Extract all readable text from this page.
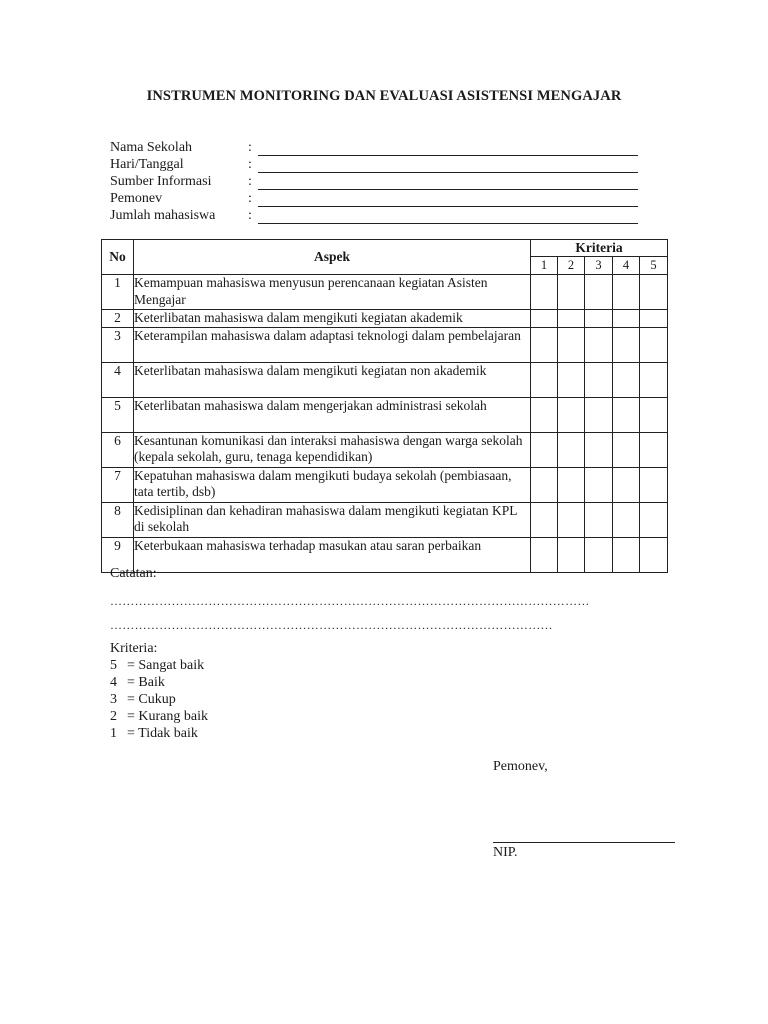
INSTRUMEN MONITORING DAN EVALUASI ASISTENSI MENGAJAR
Nama Sekolah	:
Hari/Tanggal	:
Sumber Informasi	:
Pemonev	:
Jumlah mahasiswa	:
No	Aspek	Kriteria				
		1	2	3	4	5
1	Kemampuan mahasiswa menyusun perencanaan kegiatan Asisten Mengajar					
2	Keterlibatan mahasiswa dalam mengikuti kegiatan akademik					
3	Keterampilan mahasiswa dalam adaptasi teknologi dalam pembelajaran					
4	Keterlibatan mahasiswa dalam mengikuti kegiatan non akademik					
5	Keterlibatan mahasiswa dalam mengerjakan administrasi sekolah					
6	Kesantunan komunikasi dan interaksi mahasiswa dengan warga sekolah (kepala sekolah, guru, tenaga kependidikan)					
7	Kepatuhan mahasiswa dalam mengikuti budaya sekolah (pembiasaan, tata tertib, dsb)					
8	Kedisiplinan dan kehadiran mahasiswa dalam mengikuti kegiatan KPL di sekolah					
9	Keterbukaan mahasiswa terhadap masukan atau saran perbaikan					
Catatan:
………………………………………………………………………………………………………
………………………………………………………………………………………………
Kriteria:
5 = Sangat baik
4 = Baik
3 = Cukup
2 = Kurang baik
1 = Tidak baik
Pemonev,
NIP.
